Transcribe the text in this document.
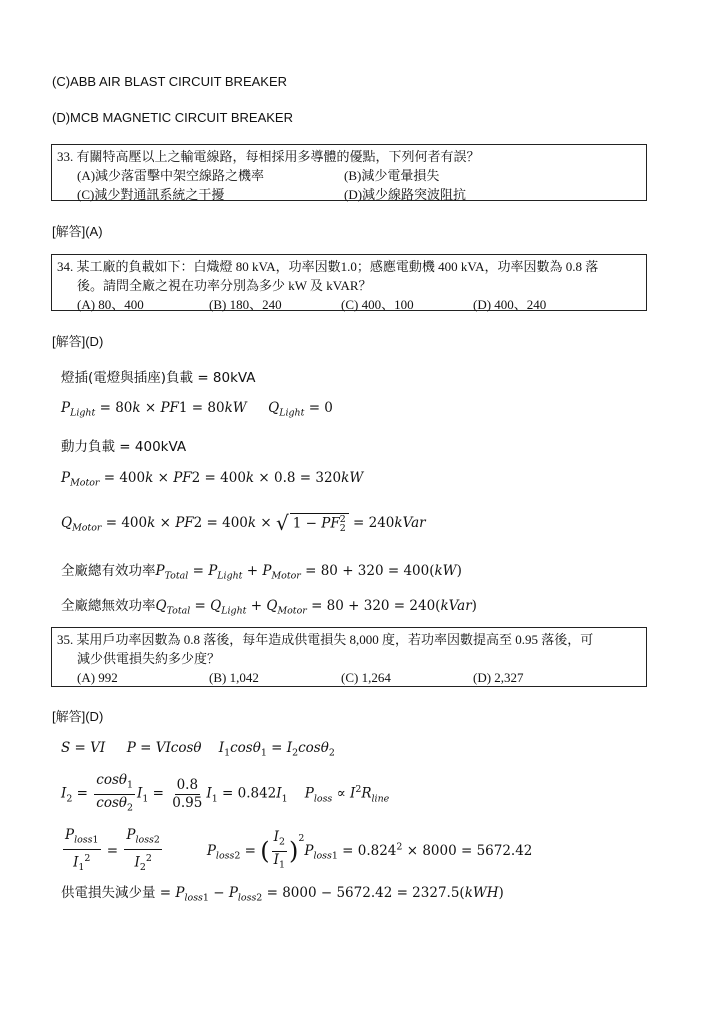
(C)ABB AIR BLAST CIRCUIT BREAKER
(D)MCB MAGNETIC CIRCUIT BREAKER
33. 有關特高壓以上之輸電線路，每相採用多導體的優點，下列何者有誤？
(A)減少落雷擊中架空線路之機率	(B)減少電暈損失
(C)減少對通訊系統之干擾	(D)減少線路突波阻抗
[解答](A)
34. 某工廠的負載如下：白熾燈 80 kVA，功率因數1.0；感應電動機 400 kVA，功率因數為 0.8 落
後。請問全廠之視在功率分別為多少 kW 及 kVAR？
(A) 80、400	(B) 180、240	(C) 400、100	(D) 400、240
[解答](D)
燈插(電燈與插座)負載 = 80kVA
$P_{Light} = 80k \times PF1 = 80kW$ $Q_{Light} = 0$
動力負載 = 400kVA
$P_{Motor} = 400k \times PF2 = 400k \times 0.8 = 320kW$
$Q_{Motor} = 400k \times PF2 = 400k$ × √ $1 - PF_2^2$ = 240kVar
全廠總有效功率$P_{Total} = P_{Light} + P_{Motor} = 80 + 320 = 400(kW)$
全廠總無效功率$Q_{Total} = Q_{Light} + Q_{Motor} = 80 + 320$ = 240(kVar)
35. 某用戶功率因數為 0.8 落後，每年造成供電損失 8,000 度，若功率因數提高至 0.95 落後，可
減少供電損失約多少度？
(A) 992	(B) 1,042	(C) 1,264	(D) 2,327
[解答](D)
S = VI P = VIcosθ $I_1\cos\theta_1 = I_2\cos\theta_2$
$I_2 = \frac{\cos\theta_1}{\cos\theta_2} I_1 = \frac{0.8}{0.95} I_1 = 0.842I_1$ $P_{loss} \propto I^2R_{line}$
$\frac{P_{loss1}}{I_1^2} = \frac{P_{loss2}}{I_2^2}$	$P_{loss2}$ = ( $\frac{I_2}{I_1} )^2P_{loss1} = 0.824^2 \times 8000 = 5672.42$
供電損失減少量 = $P_{loss1} - P_{loss2} = 8000 - 5672.42 = 2327.5(kWH)$
